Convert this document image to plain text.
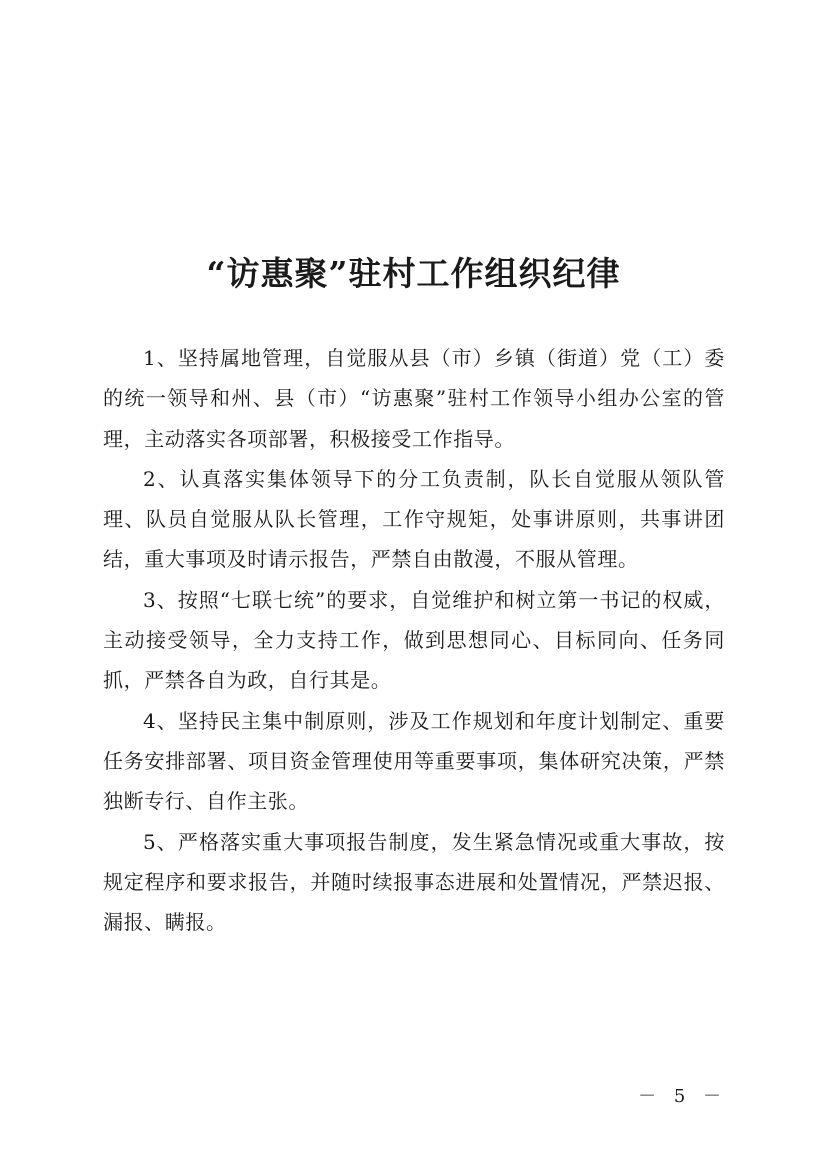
“访惠聚”驻村工作组织纪律

1、坚持属地管理，自觉服从县（市）乡镇（街道）党（工）委的统一领导和州、县（市）“访惠聚”驻村工作领导小组办公室的管理，主动落实各项部署，积极接受工作指导。

2、认真落实集体领导下的分工负责制，队长自觉服从领队管理、队员自觉服从队长管理，工作守规矩，处事讲原则，共事讲团结，重大事项及时请示报告，严禁自由散漫，不服从管理。

3、按照“七联七统”的要求，自觉维护和树立第一书记的权威，主动接受领导，全力支持工作，做到思想同心、目标同向、任务同抓，严禁各自为政，自行其是。

4、坚持民主集中制原则，涉及工作规划和年度计划制定、重要任务安排部署、项目资金管理使用等重要事项，集体研究决策，严禁独断专行、自作主张。

5、严格落实重大事项报告制度，发生紧急情况或重大事故，按规定程序和要求报告，并随时续报事态进展和处置情况，严禁迟报、漏报、瞒报。

－ 5 －
